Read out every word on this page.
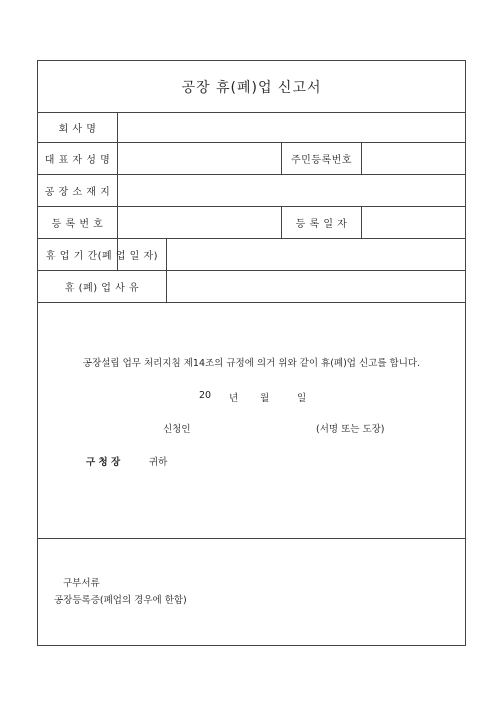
공장 휴(폐)업 신고서
회 사 명
대 표 자 성 명	주민등록번호
공 장 소 재 지
등 록 번 호	등 록 일 자
휴 업 기 간(폐 업 일 자)
휴 (폐) 업 사 유
공장설립 업무 처리지침 제14조의 규정에 의거 위와 같이 휴(폐)업 신고를 합니다.
20 년 월	일
신청인	(서명 또는 도장)
구 청 장	귀하
구부서류
공장등록증(폐업의 경우에 한함)
